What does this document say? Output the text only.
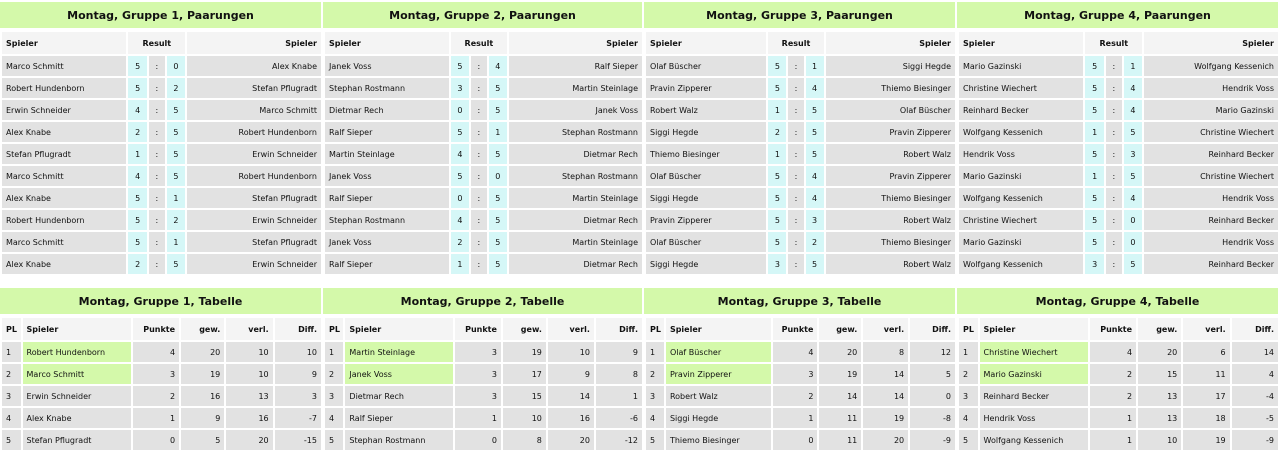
Montag, Gruppe 1, Paarungen
Spieler	Result			Spieler
Marco Schmitt	5	:	0	Alex Knabe
Robert Hundenborn	5	:	2	Stefan Pflugradt
Erwin Schneider	4	:	5	Marco Schmitt
Alex Knabe	2	:	5	Robert Hundenborn
Stefan Pflugradt	1	:	5	Erwin Schneider
Marco Schmitt	4	:	5	Robert Hundenborn
Alex Knabe	5	:	1	Stefan Pflugradt
Robert Hundenborn	5	:	2	Erwin Schneider
Marco Schmitt	5	:	1	Stefan Pflugradt
Alex Knabe	2	:	5	Erwin Schneider
Montag, Gruppe 2, Paarungen
Spieler	Result			Spieler
Janek Voss	5	:	4	Ralf Sieper
Stephan Rostmann	3	:	5	Martin Steinlage
Dietmar Rech	0	:	5	Janek Voss
Ralf Sieper	5	:	1	Stephan Rostmann
Martin Steinlage	4	:	5	Dietmar Rech
Janek Voss	5	:	0	Stephan Rostmann
Ralf Sieper	0	:	5	Martin Steinlage
Stephan Rostmann	4	:	5	Dietmar Rech
Janek Voss	2	:	5	Martin Steinlage
Ralf Sieper	1	:	5	Dietmar Rech
Montag, Gruppe 3, Paarungen
Spieler	Result			Spieler
Olaf Büscher	5	:	1	Siggi Hegde
Pravin Zipperer	5	:	4	Thiemo Biesinger
Robert Walz	1	:	5	Olaf Büscher
Siggi Hegde	2	:	5	Pravin Zipperer
Thiemo Biesinger	1	:	5	Robert Walz
Olaf Büscher	5	:	4	Pravin Zipperer
Siggi Hegde	5	:	4	Thiemo Biesinger
Pravin Zipperer	5	:	3	Robert Walz
Olaf Büscher	5	:	2	Thiemo Biesinger
Siggi Hegde	3	:	5	Robert Walz
Montag, Gruppe 4, Paarungen
Spieler	Result			Spieler
Mario Gazinski	5	:	1	Wolfgang Kessenich
Christine Wiechert	5	:	4	Hendrik Voss
Reinhard Becker	5	:	4	Mario Gazinski
Wolfgang Kessenich	1	:	5	Christine Wiechert
Hendrik Voss	5	:	3	Reinhard Becker
Mario Gazinski	1	:	5	Christine Wiechert
Wolfgang Kessenich	5	:	4	Hendrik Voss
Christine Wiechert	5	:	0	Reinhard Becker
Mario Gazinski	5	:	0	Hendrik Voss
Wolfgang Kessenich	3	:	5	Reinhard Becker
Montag, Gruppe 1, Tabelle
PL	Spieler	Punkte	gew.	verl.	Diff.
1	Robert Hundenborn	4	20	10	10
2	Marco Schmitt	3	19	10	9
3	Erwin Schneider	2	16	13	3
4	Alex Knabe	1	9	16	-7
5	Stefan Pflugradt	0	5	20	-15
Montag, Gruppe 2, Tabelle
PL	Spieler	Punkte	gew.	verl.	Diff.
1	Martin Steinlage	3	19	10	9
2	Janek Voss	3	17	9	8
3	Dietmar Rech	3	15	14	1
4	Ralf Sieper	1	10	16	-6
5	Stephan Rostmann	0	8	20	-12
Montag, Gruppe 3, Tabelle
PL	Spieler	Punkte	gew.	verl.	Diff.
1	Olaf Büscher	4	20	8	12
2	Pravin Zipperer	3	19	14	5
3	Robert Walz	2	14	14	0
4	Siggi Hegde	1	11	19	-8
5	Thiemo Biesinger	0	11	20	-9
Montag, Gruppe 4, Tabelle
PL	Spieler	Punkte	gew.	verl.	Diff.
1	Christine Wiechert	4	20	6	14
2	Mario Gazinski	2	15	11	4
3	Reinhard Becker	2	13	17	-4
4	Hendrik Voss	1	13	18	-5
5	Wolfgang Kessenich	1	10	19	-9
